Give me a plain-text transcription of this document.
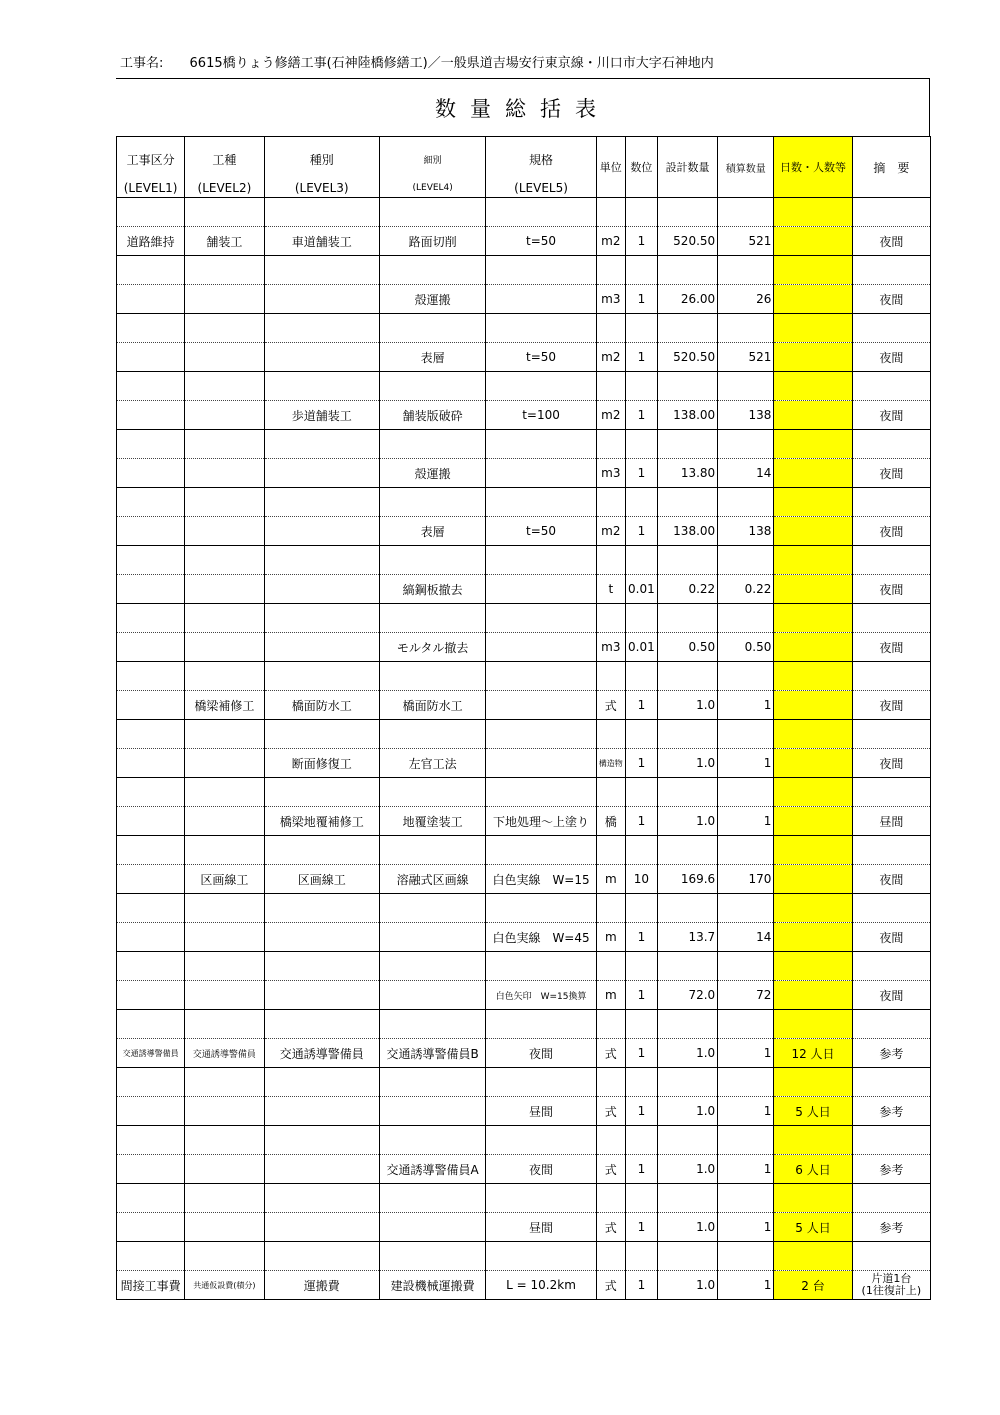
工事名: 6615橋りょう修繕工事(石神陸橋修繕工)／一般県道吉場安行東京線・川口市大字石神地内
数量総括表
工事区分	工種	種別	細別	規格	単位	数位	設計数量	積算数量	日数・人数等	摘　要
(LEVEL1)	(LEVEL2)	(LEVEL3)	(LEVEL4)	(LEVEL5)						

道路維持	舗装工	車道舗装工	路面切削	t=50	m2	1	520.50	521		夜間

			殻運搬		m3	1	26.00	26		夜間

			表層	t=50	m2	1	520.50	521		夜間

		歩道舗装工	舗装版破砕	t=100	m2	1	138.00	138		夜間

			殻運搬		m3	1	13.80	14		夜間

			表層	t=50	m2	1	138.00	138		夜間

			縞鋼板撤去		t	0.01	0.22	0.22		夜間

			モルタル撤去		m3	0.01	0.50	0.50		夜間

	橋梁補修工	橋面防水工	橋面防水工		式	1	1.0	1		夜間

		断面修復工	左官工法		構造物	1	1.0	1		夜間

		橋梁地覆補修工	地覆塗装工	下地処理～上塗り	橋	1	1.0	1		昼間

	区画線工	区画線工	溶融式区画線	白色実線　W=15	m	10	169.6	170		夜間

				白色実線　W=45	m	1	13.7	14		夜間

				白色矢印　W=15換算	m	1	72.0	72		夜間

交通誘導警備員	交通誘導警備員	交通誘導警備員	交通誘導警備員B	夜間	式	1	1.0	1	12 人日	参考

				昼間	式	1	1.0	1	5 人日	参考

			交通誘導警備員A	夜間	式	1	1.0	1	6 人日	参考

				昼間	式	1	1.0	1	5 人日	参考

間接工事費	共通仮設費(積分)	運搬費	建設機械運搬費	L = 10.2km	式	1	1.0	1	2 台	片道1台
(1往復計上)
